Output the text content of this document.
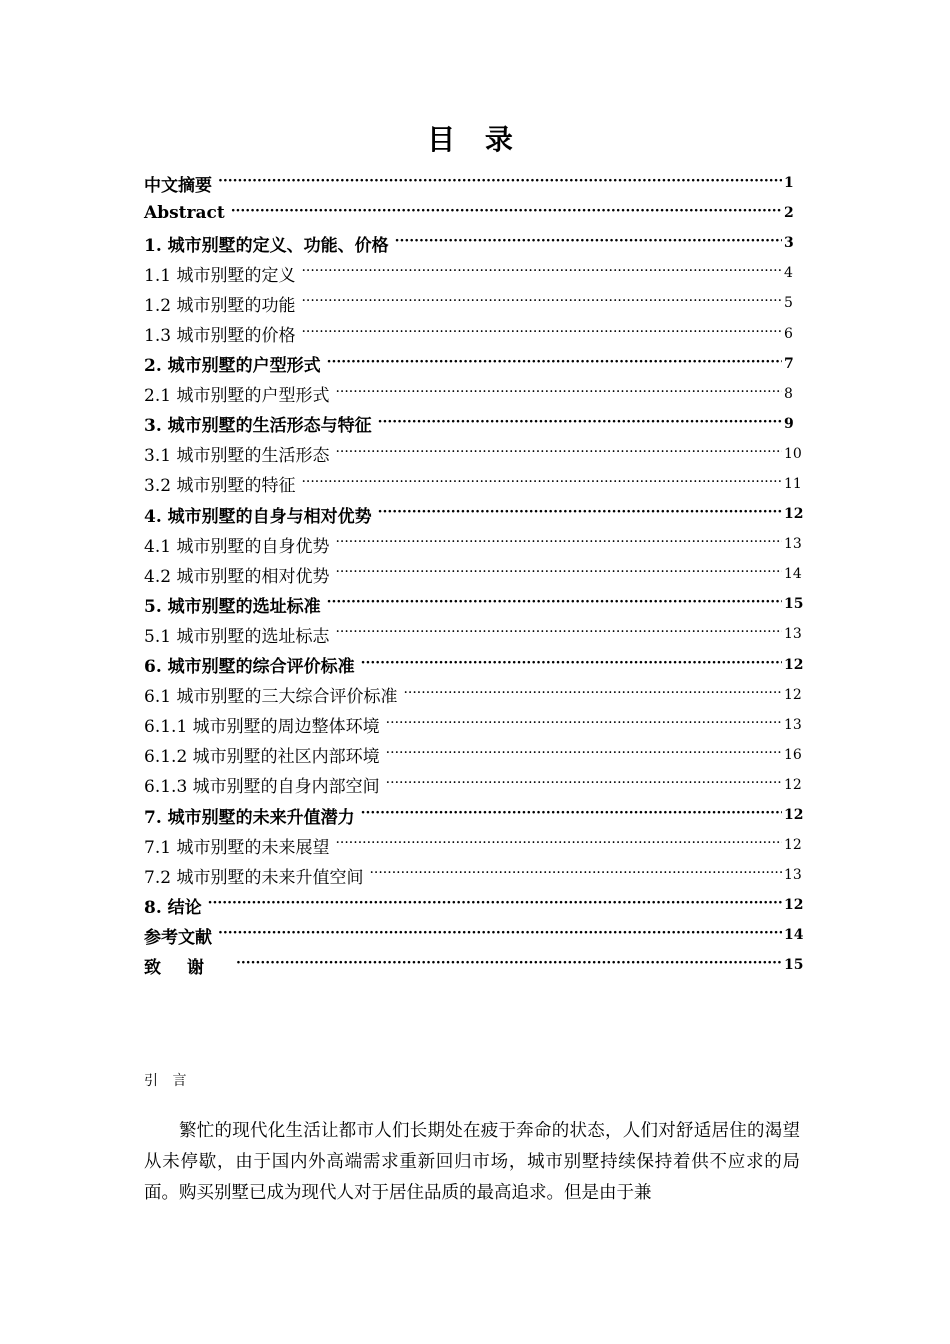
目 录
中文摘要 ·····	1
Abstract ·····	2
1. 城市别墅的定义、功能、价格 ·····	3
1.1 城市别墅的定义 ·····	4
1.2 城市别墅的功能 ·····	5
1.3 城市别墅的价格 ·····	6
2. 城市别墅的户型形式 ·····	7
2.1 城市别墅的户型形式 ·····	8
3. 城市别墅的生活形态与特征 ·····	9
3.1 城市别墅的生活形态 ·····	10
3.2 城市别墅的特征 ·····	11
4. 城市别墅的自身与相对优势 ·····	12
4.1 城市别墅的自身优势 ·····	13
4.2 城市别墅的相对优势 ·····	14
5. 城市别墅的选址标准 ·····	15
5.1 城市别墅的选址标志 ·····	13
6. 城市别墅的综合评价标准 ·····	12
6.1 城市别墅的三大综合评价标准 ·····	12
6.1.1 城市别墅的周边整体环境 ·····	13
6.1.2 城市别墅的社区内部环境 ·····	16
6.1.3 城市别墅的自身内部空间 ·····	12
7. 城市别墅的未来升值潜力 ·····	12
7.1 城市别墅的未来展望 ·····	12
7.2 城市别墅的未来升值空间 ·····	13
8. 结论 ·····	12
参考文献 ·····	14
致谢 ·····	15
引 言
繁忙的现代化生活让都市人们长期处在疲于奔命的状态，人们对舒适居住的渴望从未停歇，由于国内外高端需求重新回归市场，城市别墅持续保持着供不应求的局面。购买别墅已成为现代人对于居住品质的最高追求。但是由于兼
